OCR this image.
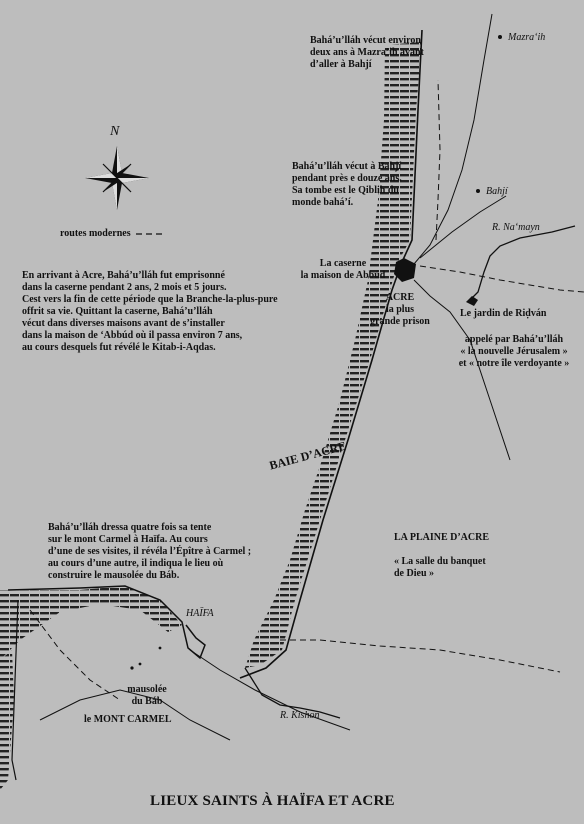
N
routes modernes
Mazra‘ih
Bahjí
R. Na‘mayn
La caserne
la maison de Abbúd
ACRE
la plus
grande prison
Le jardin de Riḍván
BAIE D’ACRE
LA PLAINE D’ACRE
« La salle du banquet
de Dieu »
HAÏFA
mausolée
du Báb
le MONT CARMEL	R. Kishon
Bahá’u’lláh vécut environ
deux ans à Mazra’ih avant
d’aller à Bahjí
Bahá’u’lláh vécut à Bahjí
pendant près e douze ans.
Sa tombe est le Qiblih du
monde bahá’í.
appelé par Bahá’u’lláh
« la nouvelle Jérusalem »
et « notre île verdoyante »
En arrivant à Acre, Bahá’u’lláh fut emprisonné
dans la caserne pendant 2 ans, 2 mois et 5 jours.
Cest vers la fin de cette période que la Branche-la-plus-pure
offrit sa vie. Quittant la caserne, Bahá’u’lláh
vécut dans diverses maisons avant de s’installer
dans la maison de ‘Abbúd où il passa environ 7 ans,
au cours desquels fut révélé le Kitab-i-Aqdas.
Bahá’u’lláh dressa quatre fois sa tente
sur le mont Carmel à Haïfa. Au cours
d’une de ses visites, il révéla l’Épître à Carmel ;
au cours d’une autre, il indiqua le lieu où
construire le mausolée du Báb.
LIEUX SAINTS À HAÏFA ET ACRE
